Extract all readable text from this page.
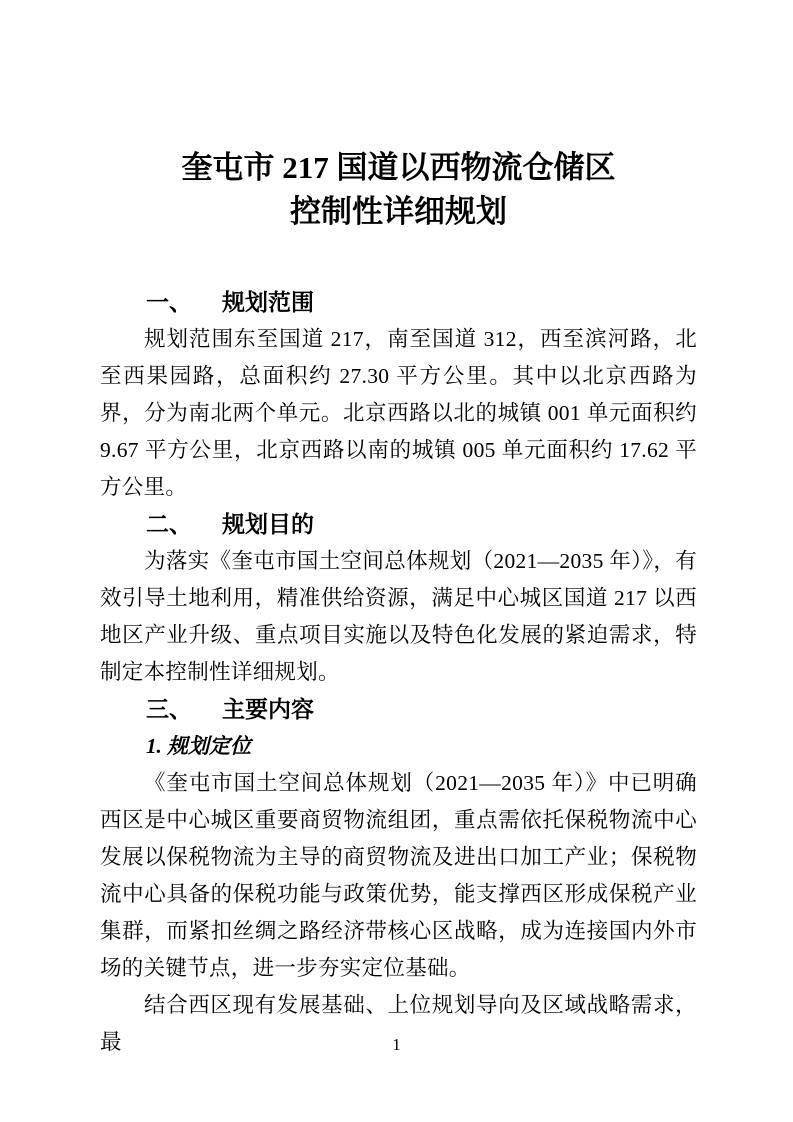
奎屯市 217 国道以西物流仓储区
控制性详细规划
一、 规划范围

规划范围东至国道 217，南至国道 312，西至滨河路，北至西果园路，总面积约 27.30 平方公里。其中以北京西路为界，分为南北两个单元。北京西路以北的城镇 001 单元面积约 9.67 平方公里，北京西路以南的城镇 005 单元面积约 17.62 平方公里。

二、 规划目的

为落实《奎屯市国土空间总体规划（2021—2035 年）》，有效引导土地利用，精准供给资源，满足中心城区国道 217 以西地区产业升级、重点项目实施以及特色化发展的紧迫需求，特制定本控制性详细规划。

三、 主要内容
1. 规划定位

《奎屯市国土空间总体规划（2021—2035 年）》中已明确西区是中心城区重要商贸物流组团，重点需依托保税物流中心发展以保税物流为主导的商贸物流及进出口加工产业；保税物流中心具备的保税功能与政策优势，能支撑西区形成保税产业集群，而紧扣丝绸之路经济带核心区战略，成为连接国内外市场的关键节点，进一步夯实定位基础。

结合西区现有发展基础、上位规划导向及区域战略需求，最	1
